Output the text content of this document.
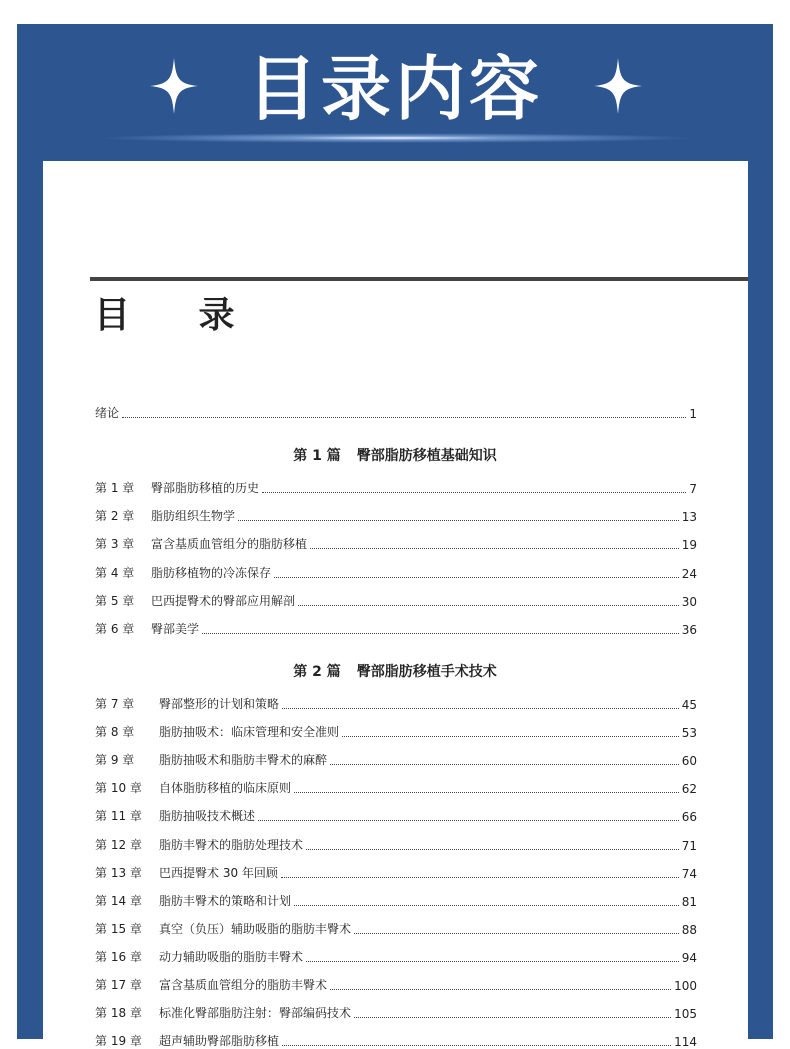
目录内容
目 录
绪论	1
第 1 篇 臀部脂肪移植基础知识
第 1 章	臀部脂肪移植的历史	7
第 2 章	脂肪组织生物学	13
第 3 章	富含基质血管组分的脂肪移植	19
第 4 章	脂肪移植物的冷冻保存	24
第 5 章	巴西提臀术的臀部应用解剖	30
第 6 章	臀部美学	36
第 2 篇 臀部脂肪移植手术技术
第 7 章	臀部整形的计划和策略	45
第 8 章	脂肪抽吸术：临床管理和安全准则	53
第 9 章	脂肪抽吸术和脂肪丰臀术的麻醉	60
第 10 章	自体脂肪移植的临床原则	62
第 11 章	脂肪抽吸技术概述	66
第 12 章	脂肪丰臀术的脂肪处理技术	71
第 13 章	巴西提臀术 30 年回顾	74
第 14 章	脂肪丰臀术的策略和计划	81
第 15 章	真空（负压）辅助吸脂的脂肪丰臀术	88
第 16 章	动力辅助吸脂的脂肪丰臀术	94
第 17 章	富含基质血管组分的脂肪丰臀术	100
第 18 章	标准化臀部脂肪注射：臀部编码技术	105
第 19 章	超声辅助臀部脂肪移植	114
